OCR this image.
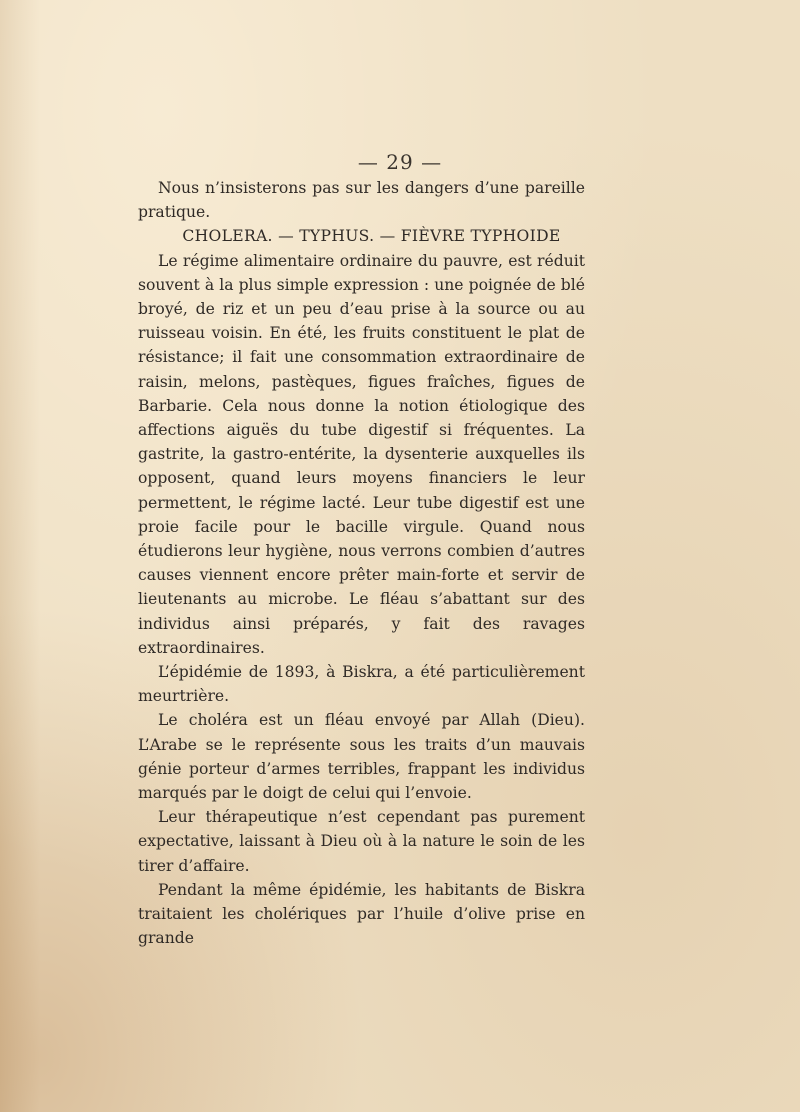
— 29 —

Nous n’insisterons pas sur les dangers d’une pareille pratique.

CHOLERA. — TYPHUS. — FIÈVRE TYPHOIDE

Le régime alimentaire ordinaire du pauvre, est réduit souvent à la plus simple expression : une poignée de blé broyé, de riz et un peu d’eau prise à la source ou au ruisseau voisin. En été, les fruits constituent le plat de résistance; il fait une consommation extraordinaire de raisin, melons, pastèques, figues fraîches, figues de Barbarie. Cela nous donne la notion étiologique des affections aiguës du tube digestif si fréquentes. La gastrite, la gastro-entérite, la dysenterie auxquelles ils opposent, quand leurs moyens financiers le leur permettent, le régime lacté. Leur tube digestif est une proie facile pour le bacille virgule. Quand nous étudierons leur hygiène, nous verrons combien d’autres causes viennent encore prêter main-forte et servir de lieutenants au microbe. Le fléau s’abattant sur des individus ainsi préparés, y fait des ravages extraordinaires.

L’épidémie de 1893, à Biskra, a été particulièrement meurtrière.

Le choléra est un fléau envoyé par Allah (Dieu). L’Arabe se le représente sous les traits d’un mauvais génie porteur d’armes terribles, frappant les individus marqués par le doigt de celui qui l’envoie.

Leur thérapeutique n’est cependant pas purement expectative, laissant à Dieu où à la nature le soin de les tirer d’affaire.

Pendant la même épidémie, les habitants de Biskra traitaient les cholériques par l’huile d’olive prise en grande
